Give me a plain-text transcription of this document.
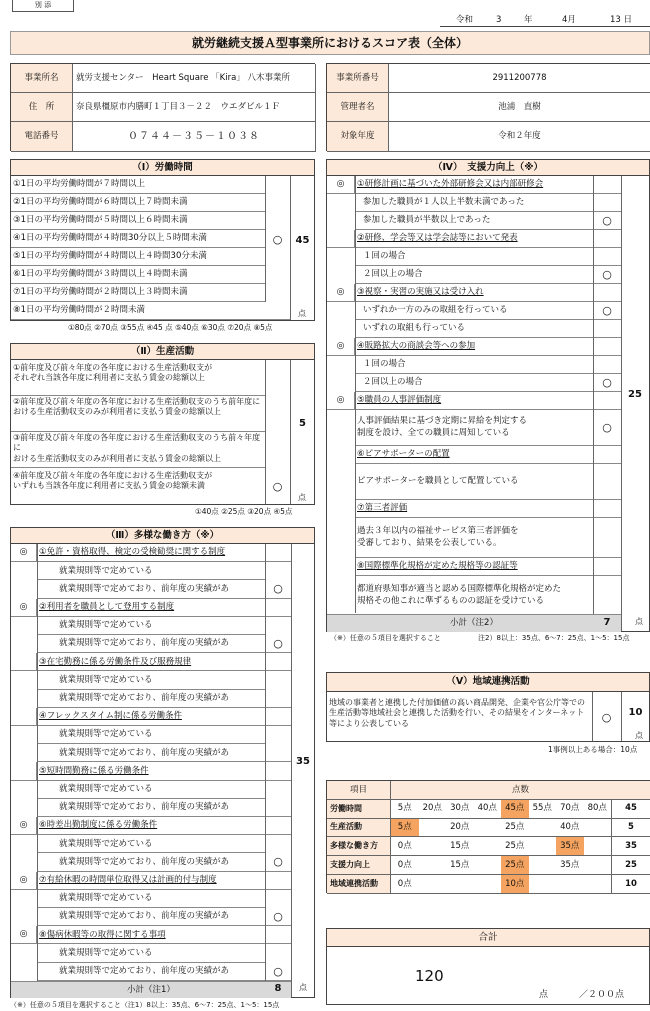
別 添
令和	3	年	4月	13 日
就労継続支援Ａ型事業所におけるスコア表（全体）
事業所名	就労支援センター　Heart Square 「Kira」 八木事業所
住　所	奈良県橿原市内膳町１丁目３－２２　ウエダビル１Ｆ
電話番号	０７４４－３５－１０３８
事業所番号	2911200778
管理者名	池浦　直樹
対象年度	令和２年度
（Ⅰ）労働時間
①1日の平均労働時間が７時間以上
②1日の平均労働時間が６時間以上７時間未満
③1日の平均労働時間が５時間以上６時間未満
④1日の平均労働時間が４時間30分以上５時間未満
⑤1日の平均労働時間が４時間以上４時間30分未満
⑥1日の平均労働時間が３時間以上４時間未満
⑦1日の平均労働時間が２時間以上３時間未満
⑧1日の平均労働時間が２時間未満
○	45
点
①80点 ②70点 ③55点 ④45 点 ⑤40点 ⑥30点 ⑦20点 ⑧5点
（Ⅱ）生産活動
①前年度及び前々年度の各年度における生産活動収支が
それぞれ当該各年度に利用者に支払う賃金の総額以上
②前年度及び前々年度の各年度における生産活動収支のうち前年度に
おける生産活動収支のみが利用者に支払う賃金の総額以上
③前年度及び前々年度の各年度における生産活動収支のうち前々年度に
おける生産活動収支のみが利用者に支払う賃金の総額以上
④前年度及び前々年度の各年度における生産活動収支が
いずれも当該各年度に利用者に支払う賃金の総額未満	○
5
点
①40点 ②25点 ③20点 ④5点
（Ⅲ）多様な働き方（※）
◎	①免許・資格取得、検定の受検勧奨に関する制度
就業規則等で定めている
就業規則等で定めており、前年度の実績があ	○
◎	②利用者を職員として登用する制度
就業規則等で定めている
就業規則等で定めており、前年度の実績があ	○
③在宅勤務に係る労働条件及び服務規律
就業規則等で定めている
就業規則等で定めており、前年度の実績があ
④フレックスタイム制に係る労働条件
就業規則等で定めている
就業規則等で定めており、前年度の実績があ
⑤短時間勤務に係る労働条件
就業規則等で定めている
就業規則等で定めており、前年度の実績があ
◎	⑥時差出勤制度に係る労働条件
就業規則等で定めている
就業規則等で定めており、前年度の実績があ	○
◎	⑦有給休暇の時間単位取得又は計画的付与制度
就業規則等で定めている
就業規則等で定めており、前年度の実績があ	○
◎	⑧傷病休暇等の取得に関する事項
就業規則等で定めている
就業規則等で定めており、前年度の実績があ	○
小計（注1）	8
35
点
（※）任意の５項目を選択すること（注1）8以上：35点、6～7：25点、1～5：15点
（Ⅳ）　支援力向上（※）
◎	①研修計画に基づいた外部研修会又は内部研修会
参加した職員が１人以上半数未満であった
参加した職員が半数以上であった	○
②研修、学会等又は学会誌等において発表
１回の場合
２回以上の場合	○
◎	③視察・実習の実施又は受け入れ
いずれか一方のみの取組を行っている
いずれの取組も行っている
○
◎	④販路拡大の商談会等への参加
１回の場合
２回以上の場合	○
◎	⑤職員の人事評価制度
人事評価結果に基づき定期に昇給を判定する
制度を設け、全ての職員に周知している	○
⑥ピアサポーターの配置
ピアサポーターを職員として配置している
⑦第三者評価
過去３年以内の福祉サービス第三者評価を
受審しており、結果を公表している。
⑧国際標準化規格が定めた規格等の認証等
都道府県知事が適当と認める国際標準化規格が定めた
規格その他これに準ずるものの認証を受けている
小計（注2）	7
25
点
（※）任意の５項目を選択すること	注2）8以上：35点、6～7：25点、1～5：15点
（Ⅴ）地域連携活動
地域の事業者と連携した付加価値の高い商品開発、企業や官公庁等での生産活動等地域社会と連携した活動を行い、その結果をインターネット等により公表している	○	10
点
1事例以上ある場合：10点
項目	点数
労働時間	5点	20点 30点 40点 45点 55点 70点 80点	45
生産活動	5点	20点	25点	40点	5
多様な働き方	0点	15点	25点	35点	35
支援力向上	0点	15点	25点	35点	25
地域連携活動	0点	10点	10
合計
120
点	／２００点
